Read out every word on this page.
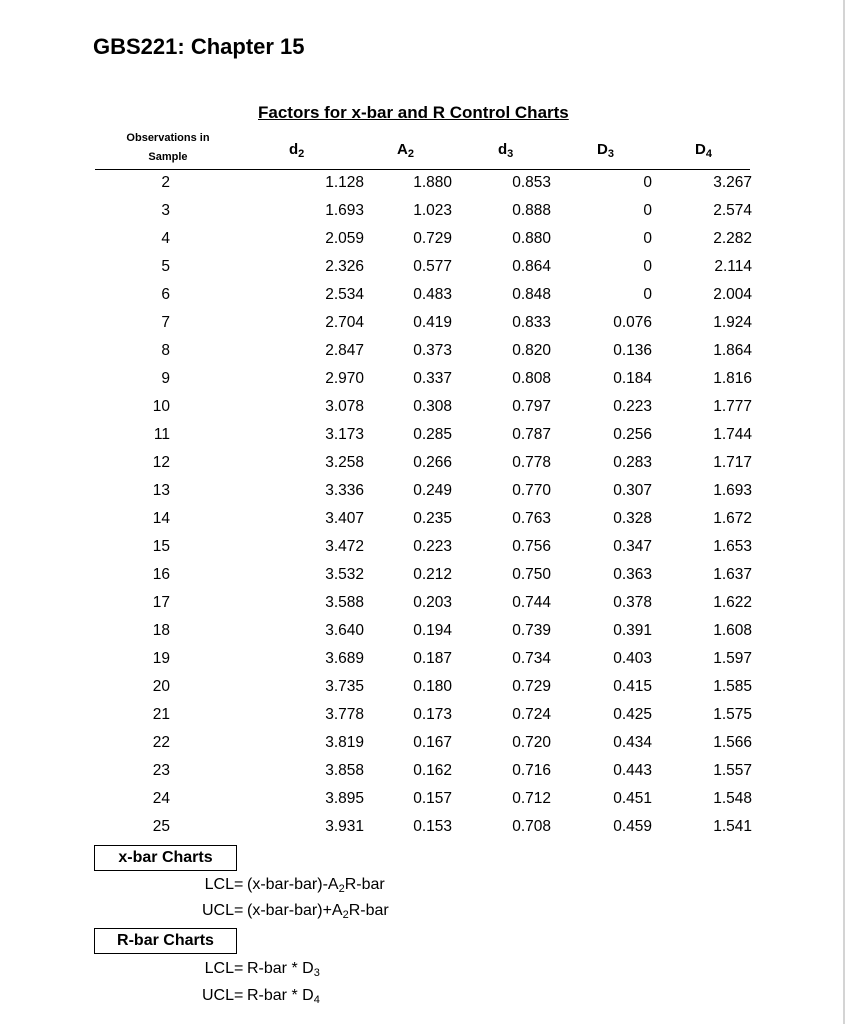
GBS221: Chapter 15
Factors for x-bar and R Control Charts
Observations in
Sample	$d_2$	$A_2$	$d_3$	$D_3$	$D_4$
2	1.128	1.880	0.853	0	3.267
3	1.693	1.023	0.888	0	2.574
4	2.059	0.729	0.880	0	2.282
5	2.326	0.577	0.864	0	2.114
6	2.534	0.483	0.848	0	2.004
7	2.704	0.419	0.833	0.076	1.924
8	2.847	0.373	0.820	0.136	1.864
9	2.970	0.337	0.808	0.184	1.816
10	3.078	0.308	0.797	0.223	1.777
11	3.173	0.285	0.787	0.256	1.744
12	3.258	0.266	0.778	0.283	1.717
13	3.336	0.249	0.770	0.307	1.693
14	3.407	0.235	0.763	0.328	1.672
15	3.472	0.223	0.756	0.347	1.653
16	3.532	0.212	0.750	0.363	1.637
17	3.588	0.203	0.744	0.378	1.622
18	3.640	0.194	0.739	0.391	1.608
19	3.689	0.187	0.734	0.403	1.597
20	3.735	0.180	0.729	0.415	1.585
21	3.778	0.173	0.724	0.425	1.575
22	3.819	0.167	0.720	0.434	1.566
23	3.858	0.162	0.716	0.443	1.557
24	3.895	0.157	0.712	0.451	1.548
25	3.931	0.153	0.708	0.459	1.541
x-bar Charts
$LCL= (x-bar-bar)-A_2R$-bar
$UCL= (x-bar-bar)+A_2R$-bar
R-bar Charts
$LCL= R-bar * D_3$
$UCL= R-bar * D_4$
